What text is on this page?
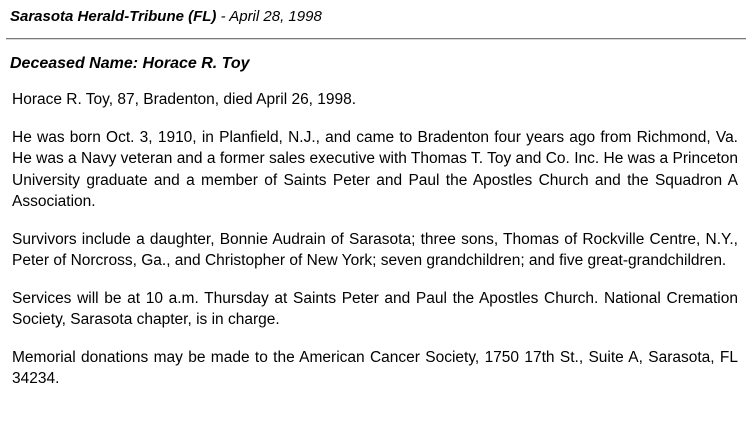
Sarasota Herald-Tribune (FL) - April 28, 1998
Deceased Name: Horace R. Toy

Horace R. Toy, 87, Bradenton, died April 26, 1998.

He was born Oct. 3, 1910, in Planfield, N.J., and came to Bradenton four years ago from Richmond, Va. He was a Navy veteran and a former sales executive with Thomas T. Toy and Co. Inc. He was a Princeton University graduate and a member of Saints Peter and Paul the Apostles Church and the Squadron A Association.

Survivors include a daughter, Bonnie Audrain of Sarasota; three sons, Thomas of Rockville Centre, N.Y., Peter of Norcross, Ga., and Christopher of New York; seven grandchildren; and five great-grandchildren.

Services will be at 10 a.m. Thursday at Saints Peter and Paul the Apostles Church. National Cremation Society, Sarasota chapter, is in charge.

Memorial donations may be made to the American Cancer Society, 1750 17th St., Suite A, Sarasota, FL 34234.
